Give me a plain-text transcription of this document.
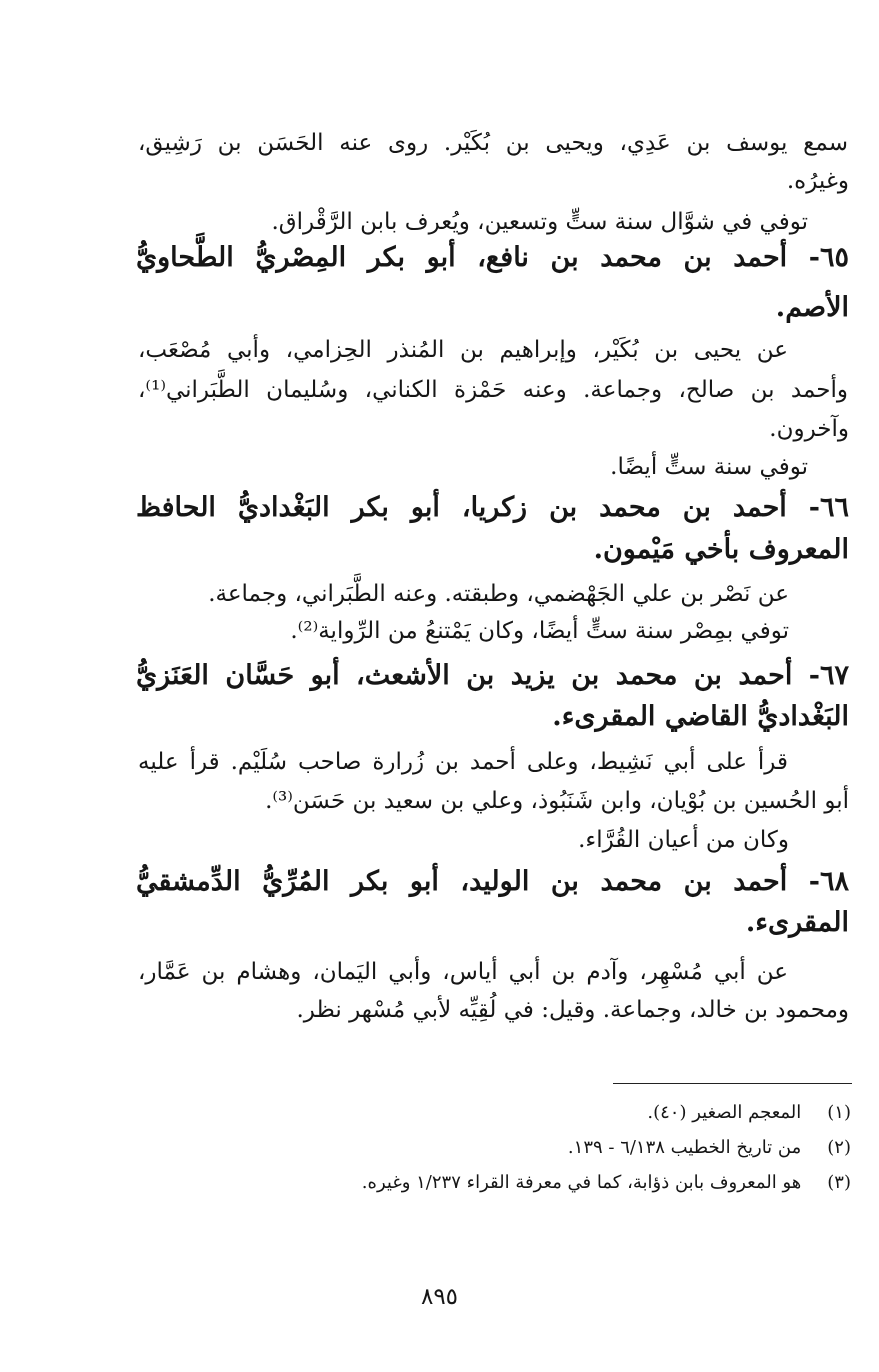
سمع يوسف بن عَدِي، ويحيى بن بُكَيْر. روى عنه الحَسَن بن رَشِيق،
وغيرُه.
توفي في شوَّال سنة ستٍّ وتسعين، ويُعرف بابن الرَّقْراق.
٦٥- أحمد بن محمد بن نافع، أبو بكر المِصْريُّ الطَّحاويُّ
الأصم.
عن يحيى بن بُكَيْر، وإبراهيم بن المُنذر الحِزامي، وأبي مُصْعَب،
وأحمد بن صالح، وجماعة. وعنه حَمْزة الكناني، وسُليمان الطَّبَراني⁽¹⁾،
وآخرون.
توفي سنة ستٍّ أيضًا.
٦٦- أحمد بن محمد بن زكريا، أبو بكر البَغْداديُّ الحافظ
المعروف بأخي مَيْمون.
عن نَصْر بن علي الجَهْضمي، وطبقته. وعنه الطَّبَراني، وجماعة.
توفي بمِصْر سنة ستٍّ أيضًا، وكان يَمْتنعُ من الرِّواية⁽²⁾.
٦٧- أحمد بن محمد بن يزيد بن الأشعث، أبو حَسَّان العَنَزيُّ
البَغْداديُّ القاضي المقرىء.
قرأ على أبي نَشِيط، وعلى أحمد بن زُرارة صاحب سُلَيْم. قرأ عليه
أبو الحُسين بن بُوْيان، وابن شَنَبُوذ، وعلي بن سعيد بن حَسَن⁽³⁾.
وكان من أعيان القُرَّاء.
٦٨- أحمد بن محمد بن الوليد، أبو بكر المُرِّيُّ الدِّمشقيُّ
المقرىء.
عن أبي مُسْهِر، وآدم بن أبي أياس، وأبي اليَمان، وهشام بن عَمَّار،
ومحمود بن خالد، وجماعة. وقيل: في لُقِيِّه لأبي مُسْهر نظر.
(١) المعجم الصغير (٤٠).
(٢) من تاريخ الخطيب ٦/١٣٨ - ١٣٩.
(٣) هو المعروف بابن ذؤابة، كما في معرفة القراء ١/٢٣٧ وغيره.
٨٩٥
